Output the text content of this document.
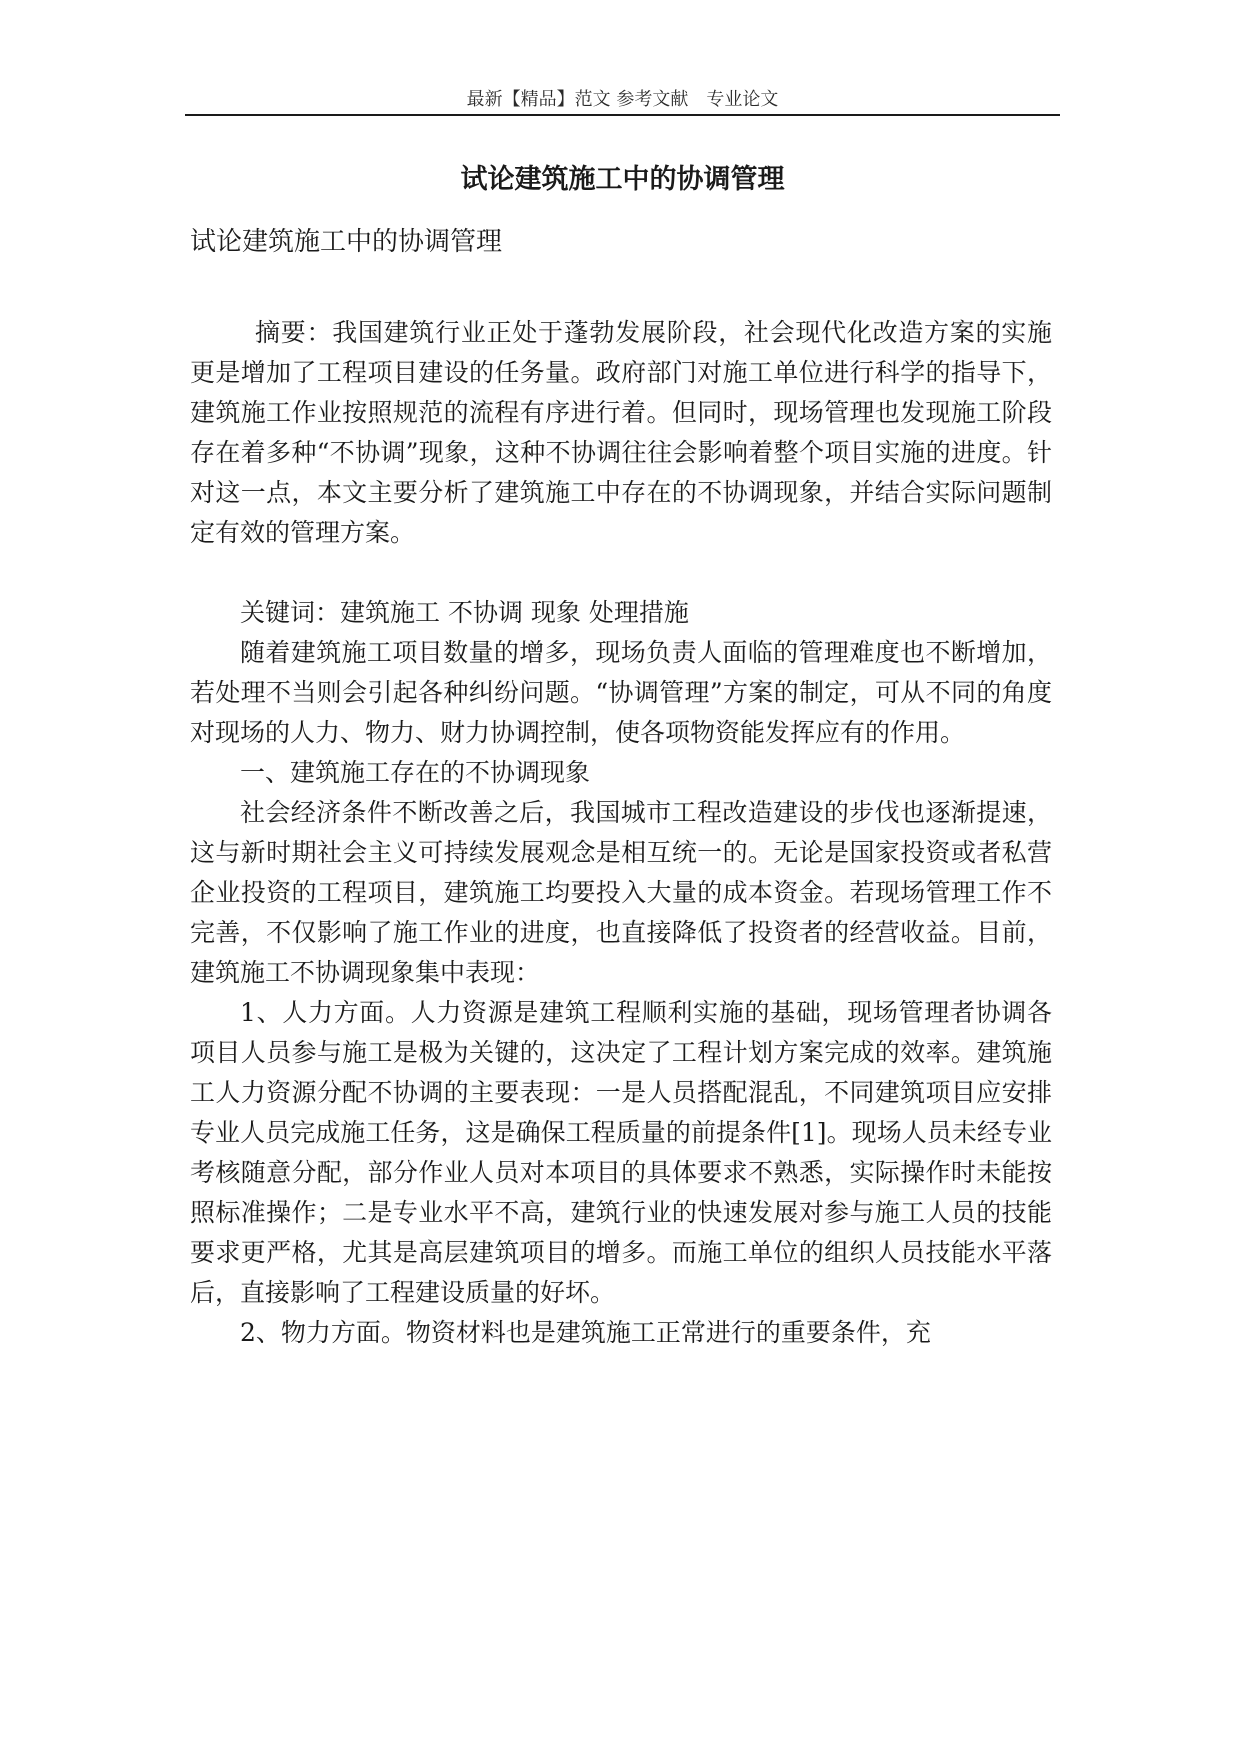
最新【精品】范文 参考文献　专业论文
试论建筑施工中的协调管理
试论建筑施工中的协调管理

摘要：我国建筑行业正处于蓬勃发展阶段，社会现代化改造方案的实施更是增加了工程项目建设的任务量。政府部门对施工单位进行科学的指导下，建筑施工作业按照规范的流程有序进行着。但同时，现场管理也发现施工阶段存在着多种“不协调”现象，这种不协调往往会影响着整个项目实施的进度。针对这一点，本文主要分析了建筑施工中存在的不协调现象，并结合实际问题制定有效的管理方案。

关键词：建筑施工 不协调 现象 处理措施

随着建筑施工项目数量的增多，现场负责人面临的管理难度也不断增加，若处理不当则会引起各种纠纷问题。“协调管理”方案的制定，可从不同的角度对现场的人力、物力、财力协调控制，使各项物资能发挥应有的作用。

一、建筑施工存在的不协调现象

社会经济条件不断改善之后，我国城市工程改造建设的步伐也逐渐提速，这与新时期社会主义可持续发展观念是相互统一的。无论是国家投资或者私营企业投资的工程项目，建筑施工均要投入大量的成本资金。若现场管理工作不完善，不仅影响了施工作业的进度，也直接降低了投资者的经营收益。目前，建筑施工不协调现象集中表现：

1、人力方面。人力资源是建筑工程顺利实施的基础，现场管理者协调各项目人员参与施工是极为关键的，这决定了工程计划方案完成的效率。建筑施工人力资源分配不协调的主要表现：一是人员搭配混乱，不同建筑项目应安排专业人员完成施工任务，这是确保工程质量的前提条件[1]。现场人员未经专业考核随意分配，部分作业人员对本项目的具体要求不熟悉，实际操作时未能按照标准操作；二是专业水平不高，建筑行业的快速发展对参与施工人员的技能要求更严格，尤其是高层建筑项目的增多。而施工单位的组织人员技能水平落后，直接影响了工程建设质量的好坏。

2、物力方面。物资材料也是建筑施工正常进行的重要条件，充
